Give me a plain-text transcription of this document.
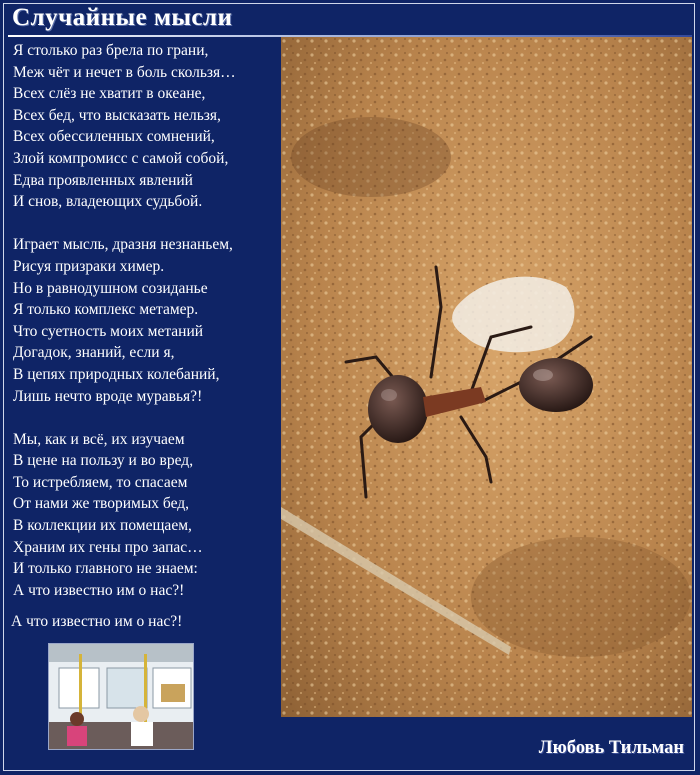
Случайные мысли
Я столько раз брела по грани,
Меж чёт и нечет в боль скользя…
Всех слёз не хватит в океане,
Всех бед, что высказать нельзя,
Всех обессиленных сомнений,
Злой компромисс с самой собой,
Едва проявленных явлений
И снов, владеющих судьбой.
Играет мысль, дразня незнаньем,
Рисуя призраки химер.
Но в равнодушном созиданье
Я только комплекс метамер.
Что суетность моих метаний
Догадок, знаний, если я,
В цепях природных колебаний,
Лишь нечто вроде муравья?!
Мы, как и всё, их изучаем
В цене на пользу и во вред,
То истребляем, то спасаем
От нами же творимых бед,
В коллекции их помещаем,
Храним их гены про запас…
И только главного не знаем:
А что известно им о нас?!
А что известно им о нас?!
Любовь Тильман
